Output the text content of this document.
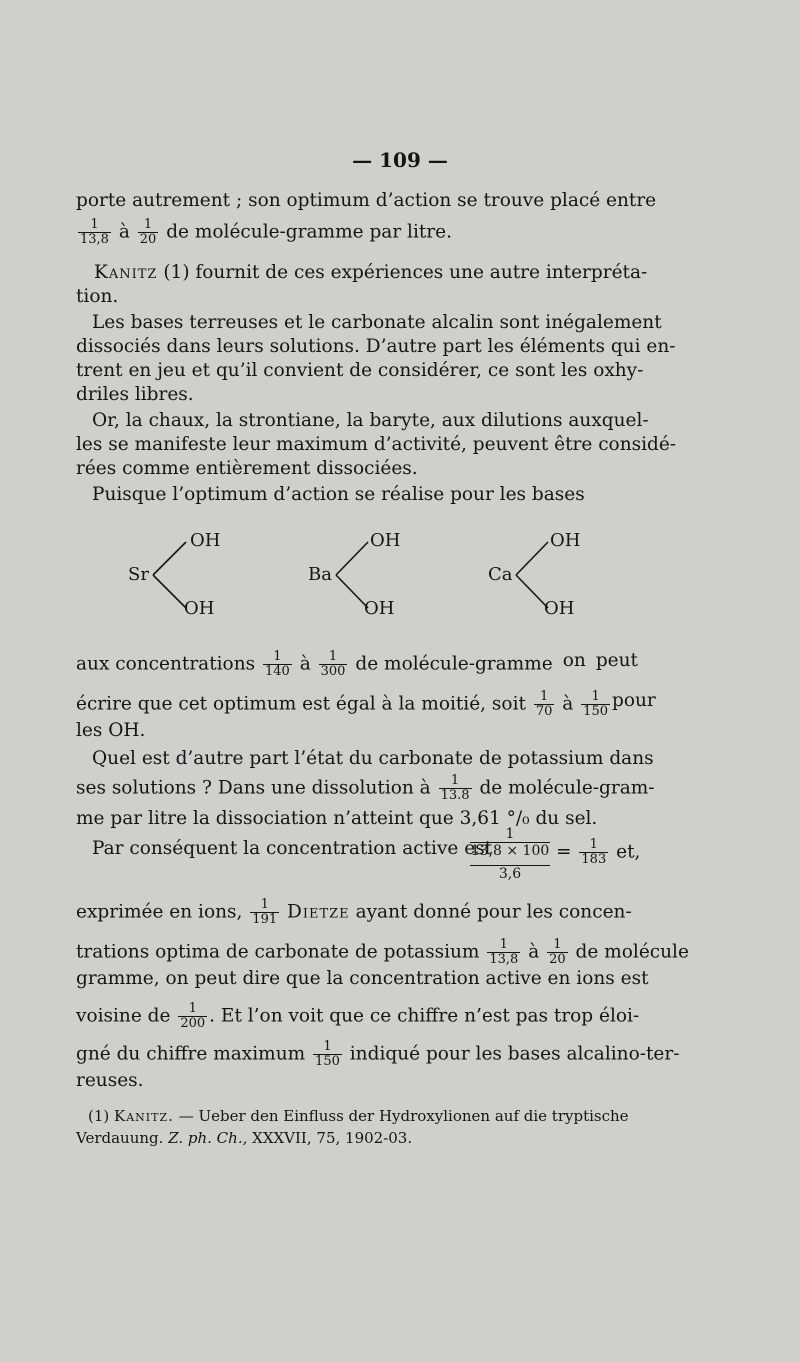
— 109 —
porte autrement ; son optimum d’action se trouve placé entre
$\frac{1}{13,8}$ à $\frac{1}{20}$ de molécule-gramme par litre.
Kanitz (1) fournit de ces expériences une autre interpréta-
tion.
Les bases terreuses et le carbonate alcalin sont inégalement
dissociés dans leurs solutions. D’autre part les éléments qui en-
trent en jeu et qu’il convient de considérer, ce sont les oxhy-
driles libres.
Or, la chaux, la strontiane, la baryte, aux dilutions auxquel-
les se manifeste leur maximum d’activité, peuvent être considé-
rées comme entièrement dissociées.
Puisque l’optimum d’action se réalise pour les bases
OH
Sr
OH
OH
Ba
OH
OH
Ca
OH
aux concentrations $\frac{1}{140}$ à $\frac{1}{300}$ de molécule-gramme on peut
écrire que cet optimum est égal à la moitié, soit $\frac{1}{70}$ à $\frac{1}{150}$ pour
les OH.
Quel est d’autre part l’état du carbonate de potassium dans
ses solutions ? Dans une dissolution à $\frac{1}{13.8}$ de molécule-gram-
me par litre la dissociation n’atteint que 3,61 °/₀ du sel.
Par conséquent la concentration active est
1
13,8 × 100
3,6
= $\frac{1}{183}$ et,
exprimée en ions, $\frac{1}{191}$ Dietze ayant donné pour les concen-
trations optima de carbonate de potassium $\frac{1}{13,8}$ à $\frac{1}{20}$ de molécule
gramme, on peut dire que la concentration active en ions est
voisine de $\frac{1}{200}$ . Et l’on voit que ce chiffre n’est pas trop éloi-
gné du chiffre maximum $\frac{1}{150}$ indiqué pour les bases alcalino-ter-
reuses.
(1) Kanitz. — Ueber den Einfluss der Hydroxylionen auf die tryptische
Verdauung. Z. ph. Ch., XXXVII, 75, 1902-03.
